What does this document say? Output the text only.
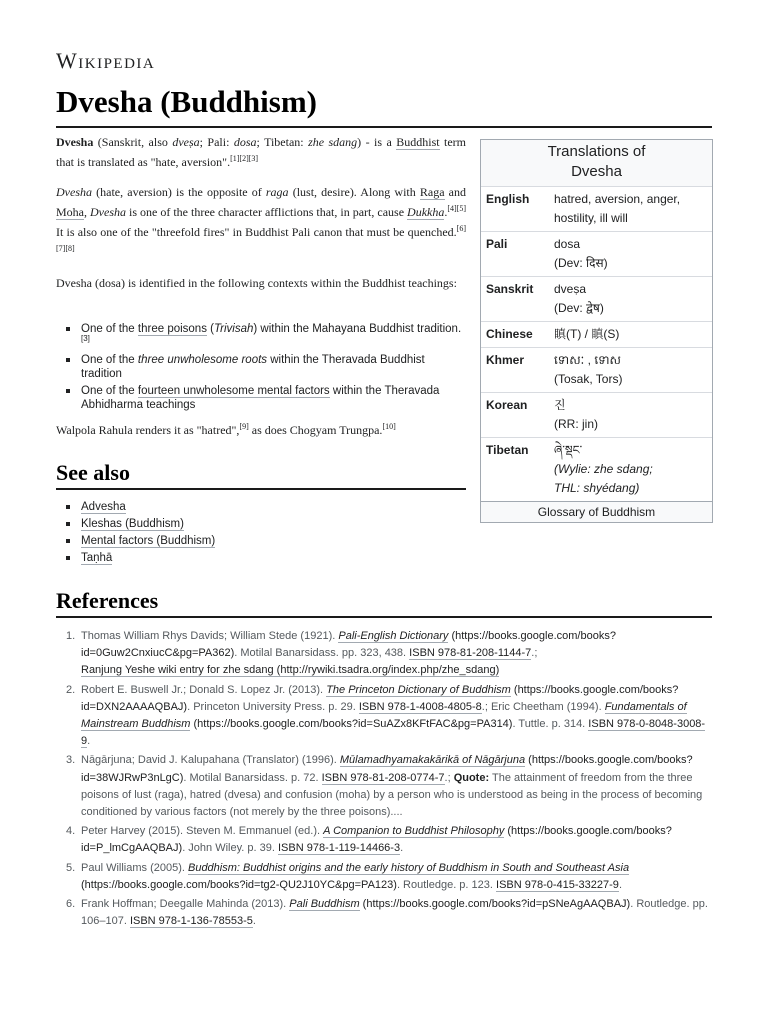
Wikipedia
Dvesha (Buddhism)

Dvesha (Sanskrit, also dveṣa; Pali: dosa; Tibetan: zhe sdang) - is a Buddhist term that is translated as "hate, aversion".[1][2][3]

Dvesha (hate, aversion) is the opposite of raga (lust, desire). Along with Raga and Moha, Dvesha is one of the three character afflictions that, in part, cause Dukkha.[4][5] It is also one of the "threefold fires" in Buddhist Pali canon that must be quenched.[6][7][8]

Dvesha (dosa) is identified in the following contexts within the Buddhist teachings:

One of the three poisons (Trivisah) within the Mahayana Buddhist tradition.[3]
One of the three unwholesome roots within the Theravada Buddhist tradition
One of the fourteen unwholesome mental factors within the Theravada Abhidharma teachings

Walpola Rahula renders it as "hatred",[9] as does Chogyam Trungpa.[10]

See also
Advesha
Kleshas (Buddhism)
Mental factors (Buddhism)
Taṇhā
Translations of Dvesha
English	hatred, aversion, anger,
hostility, ill will
Pali	dosa
(Dev: दिस)
Sanskrit	dveṣa
(Dev: द्वेष)
Chinese	瞋(T) / 瞋(S)
Khmer	ទោសៈ , ទោស
(Tosak, Tors)
Korean	진
(RR: jin)
Tibetan	ཞེ་སྡང་
(Wylie: zhe sdang;
THL: shyédang)
Glossary of Buddhism
References
1. Thomas William Rhys Davids; William Stede (1921). Pali-English Dictionary (https://books.google.com/books?id=0Guw2CnxiucC&pg=PA362). Motilal Banarsidass. pp. 323, 438. ISBN 978-81-208-1144-7.;
Ranjung Yeshe wiki entry for zhe sdang (http://rywiki.tsadra.org/index.php/zhe_sdang)
2. Robert E. Buswell Jr.; Donald S. Lopez Jr. (2013). The Princeton Dictionary of Buddhism (https://books.google.com/books?id=DXN2AAAAQBAJ). Princeton University Press. p. 29. ISBN 978-1-4008-4805-8.; Eric Cheetham (1994). Fundamentals of Mainstream Buddhism (https://books.google.com/books?id=SuAZx8KFtFAC&pg=PA314). Tuttle. p. 314. ISBN 978-0-8048-3008-9.
3. Nāgārjuna; David J. Kalupahana (Translator) (1996). Mūlamadhyamakakārikā of Nāgārjuna (https://books.google.com/books?id=38WJRwP3nLgC). Motilal Banarsidass. p. 72. ISBN 978-81-208-0774-7.; Quote: The attainment of freedom from the three poisons of lust (raga), hatred (dvesa) and confusion (moha) by a person who is understood as being in the process of becoming conditioned by various factors (not merely by the three poisons)....
4. Peter Harvey (2015). Steven M. Emmanuel (ed.). A Companion to Buddhist Philosophy (https://books.google.com/books?id=P_lmCgAAQBAJ). John Wiley. p. 39. ISBN 978-1-119-14466-3.
5. Paul Williams (2005). Buddhism: Buddhist origins and the early history of Buddhism in South and Southeast Asia (https://books.google.com/books?id=tg2-QU2J10YC&pg=PA123). Routledge. p. 123. ISBN 978-0-415-33227-9.
6. Frank Hoffman; Deegalle Mahinda (2013). Pali Buddhism (https://books.google.com/books?id=pSNeAgAAQBAJ). Routledge. pp. 106–107. ISBN 978-1-136-78553-5.
